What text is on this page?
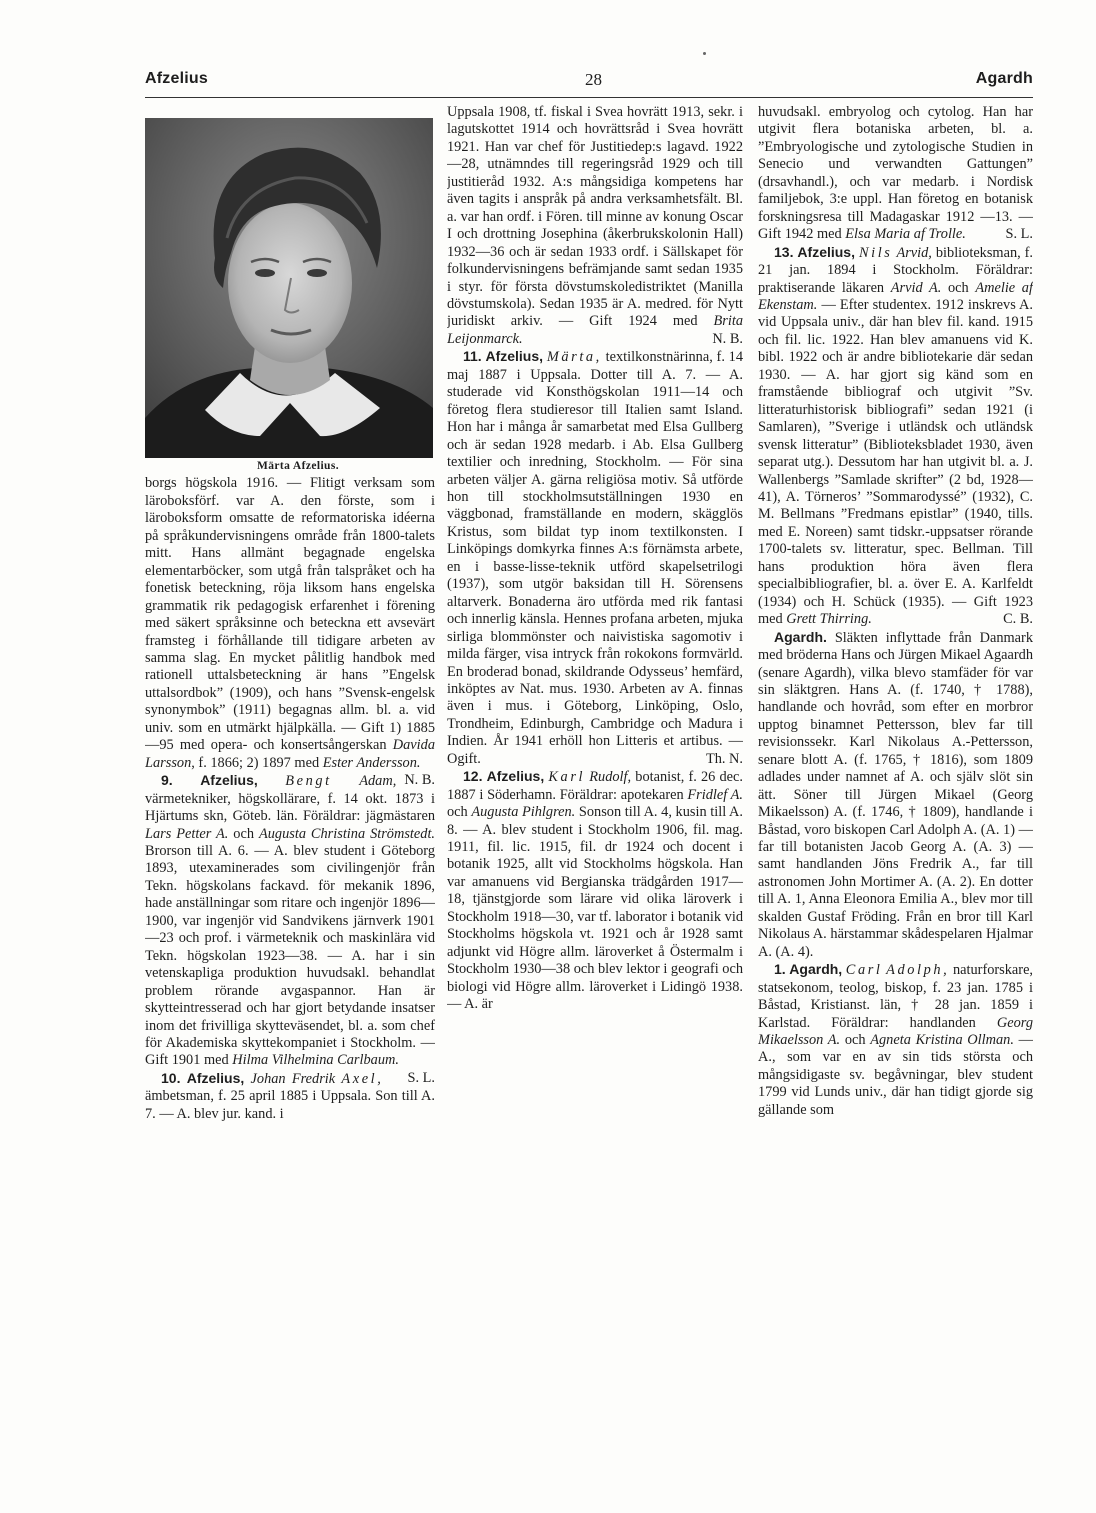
Afzelius	28	Agardh

Märta Afzelius.

borgs högskola 1916. — Flitigt verksam som läroboksförf. var A. den förste, som i läroboksform omsatte de reformatoriska idéerna på språkundervisningens område från 1800-talets mitt. Hans allmänt begagnade engelska elementarböcker, som utgå från talspråket och ha fonetisk beteckning, röja liksom hans engelska grammatik rik pedagogisk erfarenhet i förening med säkert språksinne och beteckna ett avsevärt framsteg i förhållande till tidigare arbeten av samma slag. En mycket pålitlig handbok med rationell uttalsbeteckning är hans ”Engelsk uttalsordbok” (1909), och hans ”Svensk-engelsk synonymbok” (1911) begagnas allm. bl. a. vid univ. som en utmärkt hjälpkälla. — Gift 1) 1885 —95 med opera- och konsertsångerskan Davida Larsson, f. 1866; 2) 1897 med Ester Andersson.
N. B.

9. Afzelius, Bengt Adam, värmetekniker, högskollärare, f. 14 okt. 1873 i Hjärtums skn, Göteb. län. Föräldrar: jägmästaren Lars Petter A. och Augusta Christina Strömstedt. Brorson till A. 6. — A. blev student i Göteborg 1893, utexaminerades som civilingenjör från Tekn. högskolans fackavd. för mekanik 1896, hade anställningar som ritare och ingenjör 1896—1900, var ingenjör vid Sandvikens järnverk 1901—23 och prof. i värmeteknik och maskinlära vid Tekn. högskolan 1923—38. — A. har i sin vetenskapliga produktion huvudsakl. behandlat problem rörande avgaspannor. Han är skytteintresserad och har gjort betydande insatser inom det frivilliga skytteväsendet, bl. a. som chef för Akademiska skyttekompaniet i Stockholm. — Gift 1901 med Hilma Vilhelmina Carlbaum.
S. L.

10. Afzelius, Johan Fredrik Axel, ämbetsman, f. 25 april 1885 i Uppsala. Son till A. 7. — A. blev jur. kand. i

Uppsala 1908, tf. fiskal i Svea hovrätt 1913, sekr. i lagutskottet 1914 och hovrättsråd i Svea hovrätt 1921. Han var chef för Justitiedep:s lagavd. 1922—28, utnämndes till regeringsråd 1929 och till justitieråd 1932. A:s mångsidiga kompetens har även tagits i anspråk på andra verksamhetsfält. Bl. a. var han ordf. i Fören. till minne av konung Oscar I och drottning Josephina (åkerbrukskolonin Hall) 1932—36 och är sedan 1933 ordf. i Sällskapet för folkundervisningens befrämjande samt sedan 1935 i styr. för första dövstumskoledistriktet (Manilla dövstumskola). Sedan 1935 är A. medred. för Nytt juridiskt arkiv. — Gift 1924 med Brita Leijonmarck.	N. B.

11. Afzelius, Märta, textilkonstnärinna, f. 14 maj 1887 i Uppsala. Dotter till A. 7. — A. studerade vid Konsthögskolan 1911—14 och företog flera studieresor till Italien samt Island. Hon har i många år samarbetat med Elsa Gullberg och är sedan 1928 medarb. i Ab. Elsa Gullberg textilier och inredning, Stockholm. — För sina arbeten väljer A. gärna religiösa motiv. Så utförde hon till stockholmsutställningen 1930 en väggbonad, framställande en modern, skägglös Kristus, som bildat typ inom textilkonsten. I Linköpings domkyrka finnes A:s förnämsta arbete, en i basse-lisse-teknik utförd skapelsetrilogi (1937), som utgör baksidan till H. Sörensens altarverk. Bonaderna äro utförda med rik fantasi och innerlig känsla. Hennes profana arbeten, mjuka sirliga blommönster och naivistiska sagomotiv i milda färger, visa intryck från rokokons formvärld. En broderad bonad, skildrande Odysseus’ hemfärd, inköptes av Nat. mus. 1930. Arbeten av A. finnas även i mus. i Göteborg, Linköping, Oslo, Trondheim, Edinburgh, Cambridge och Madura i Indien. År 1941 erhöll hon Litteris et artibus. — Ogift.	Th. N.

12. Afzelius, Karl Rudolf, botanist, f. 26 dec. 1887 i Söderhamn. Föräldrar: apotekaren Fridlef A. och Augusta Pihlgren. Sonson till A. 4, kusin till A. 8. — A. blev student i Stockholm 1906, fil. mag. 1911, fil. lic. 1915, fil. dr 1924 och docent i botanik 1925, allt vid Stockholms högskola. Han var amanuens vid Bergianska trädgården 1917—18, tjänstgjorde som lärare vid olika läroverk i Stockholm 1918—30, var tf. laborator i botanik vid Stockholms högskola vt. 1921 och år 1928 samt adjunkt vid Högre allm. läroverket å Östermalm i Stockholm 1930—38 och blev lektor i geografi och biologi vid Högre allm. läroverket i Lidingö 1938. — A. är

huvudsakl. embryolog och cytolog. Han har utgivit flera botaniska arbeten, bl. a. ”Embryologische und zytologische Studien in Senecio und verwandten Gattungen” (drsavhandl.), och var medarb. i Nordisk familjebok, 3:e uppl. Han företog en botanisk forskningsresa till Madagaskar 1912 —13. — Gift 1942 med Elsa Maria af Trolle.	S. L.

13. Afzelius, Nils Arvid, biblioteksman, f. 21 jan. 1894 i Stockholm. Föräldrar: praktiserande läkaren Arvid A. och Amelie af Ekenstam. — Efter studentex. 1912 inskrevs A. vid Uppsala univ., där han blev fil. kand. 1915 och fil. lic. 1922. Han blev amanuens vid K. bibl. 1922 och är andre bibliotekarie där sedan 1930. — A. har gjort sig känd som en framstående bibliograf och utgivit ”Sv. litteraturhistorisk bibliografi” sedan 1921 (i Samlaren), ”Sverige i utländsk och utländsk svensk litteratur” (Biblioteksbladet 1930, även separat utg.). Dessutom har han utgivit bl. a. J. Wallenbergs ”Samlade skrifter” (2 bd, 1928—41), A. Törneros’ ”Sommarodyssé” (1932), C. M. Bellmans ”Fredmans epistlar” (1940, tills. med E. Noreen) samt tidskr.-uppsatser rörande 1700-talets sv. litteratur, spec. Bellman. Till hans produktion höra även flera specialbibliografier, bl. a. över E. A. Karlfeldt (1934) och H. Schück (1935). — Gift 1923 med Grett Thirring.	C. B.

Agardh. Släkten inflyttade från Danmark med bröderna Hans och Jürgen Mikael Agaardh (senare Agardh), vilka blevo stamfäder för var sin släktgren. Hans A. (f. 1740, † 1788), handlande och hovråd, som efter en morbror upptog binamnet Pettersson, blev far till revisionssekr. Karl Nikolaus A.-Pettersson, senare blott A. (f. 1765, † 1816), som 1809 adlades under namnet af A. och själv slöt sin ätt. Söner till Jürgen Mikael (Georg Mikaelsson) A. (f. 1746, † 1809), handlande i Båstad, voro biskopen Carl Adolph A. (A. 1) — far till botanisten Jacob Georg A. (A. 3) — samt handlanden Jöns Fredrik A., far till astronomen John Mortimer A. (A. 2). En dotter till A. 1, Anna Eleonora Emilia A., blev mor till skalden Gustaf Fröding. Från en bror till Karl Nikolaus A. härstammar skådespelaren Hjalmar A. (A. 4).

1. Agardh, Carl Adolph, naturforskare, statsekonom, teolog, biskop, f. 23 jan. 1785 i Båstad, Kristianst. län, † 28 jan. 1859 i Karlstad. Föräldrar: handlanden Georg Mikaelsson A. och Agneta Kristina Ollman. — A., som var en av sin tids största och mångsidigaste sv. begåvningar, blev student 1799 vid Lunds univ., där han tidigt gjorde sig gällande som
